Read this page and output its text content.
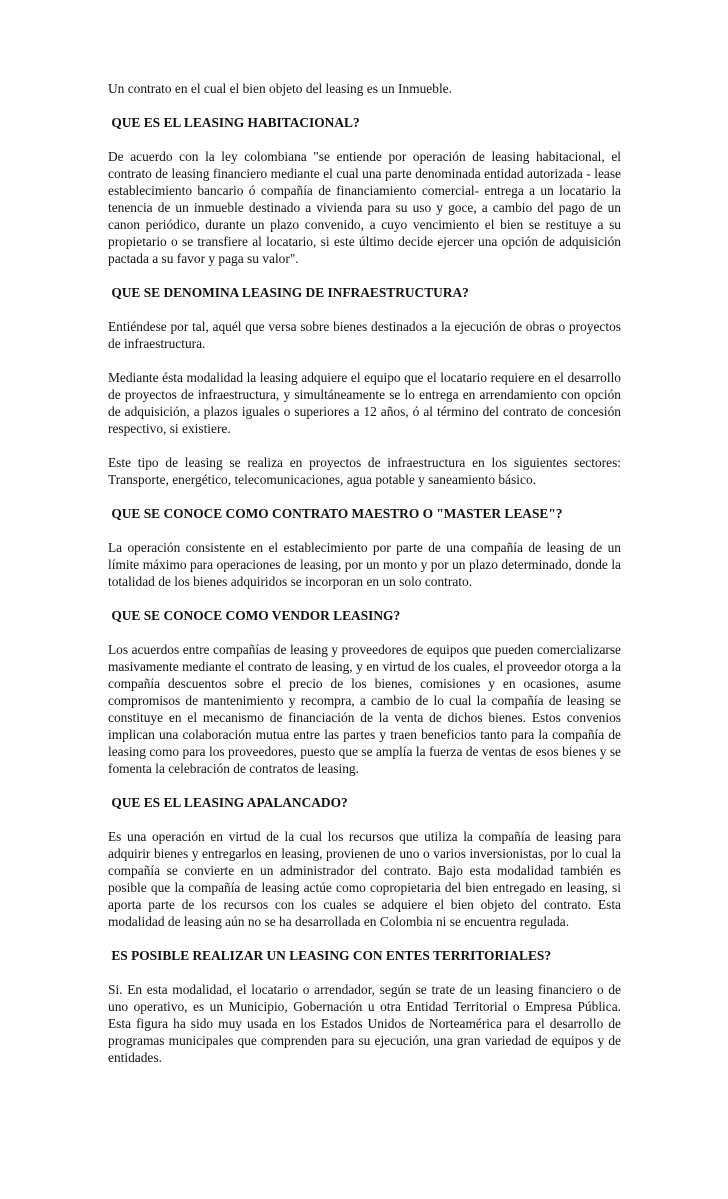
Un contrato en el cual el bien objeto del leasing es un Inmueble.

QUE ES EL LEASING HABITACIONAL?

De acuerdo con la ley colombiana "se entiende por operación de leasing habitacional, el contrato de leasing financiero mediante el cual una parte denominada entidad autorizada - lease establecimiento bancario ó compañía de financiamiento comercial- entrega a un locatario la tenencia de un inmueble destinado a vivienda para su uso y goce, a cambio del pago de un canon periódico, durante un plazo convenido, a cuyo vencimiento el bien se restituye a su propietario o se transfiere al locatario, si este último decide ejercer una opción de adquisición pactada a su favor y paga su valor".

QUE SE DENOMINA LEASING DE INFRAESTRUCTURA?

Entiéndese por tal, aquél que versa sobre bienes destinados a la ejecución de obras o proyectos de infraestructura.

Mediante ésta modalidad la leasing adquiere el equipo que el locatario requiere en el desarrollo de proyectos de infraestructura, y simultáneamente se lo entrega en arrendamiento con opción de adquisición, a plazos iguales o superiores a 12 años, ó al término del contrato de concesión respectivo, si existiere.

Este tipo de leasing se realiza en proyectos de infraestructura en los siguientes sectores: Transporte, energético, telecomunicaciones, agua potable y saneamiento básico.

QUE SE CONOCE COMO CONTRATO MAESTRO O "MASTER LEASE"?

La operación consistente en el establecimiento por parte de una compañía de leasing de un límite máximo para operaciones de leasing, por un monto y por un plazo determinado, donde la totalidad de los bienes adquiridos se incorporan en un solo contrato.

QUE SE CONOCE COMO VENDOR LEASING?

Los acuerdos entre compañías de leasing y proveedores de equipos que pueden comercializarse masivamente mediante el contrato de leasing, y en virtud de los cuales, el proveedor otorga a la compañía descuentos sobre el precio de los bienes, comisiones y en ocasiones, asume compromisos de mantenimiento y recompra, a cambio de lo cual la compañía de leasing se constituye en el mecanismo de financiación de la venta de dichos bienes. Estos convenios implican una colaboración mutua entre las partes y traen beneficios tanto para la compañía de leasing como para los proveedores, puesto que se amplía la fuerza de ventas de esos bienes y se fomenta la celebración de contratos de leasing.

QUE ES EL LEASING APALANCADO?

Es una operación en virtud de la cual los recursos que utiliza la compañía de leasing para adquirir bienes y entregarlos en leasing, provienen de uno o varios inversionistas, por lo cual la compañía se convierte en un administrador del contrato. Bajo esta modalidad también es posible que la compañía de leasing actúe como copropietaria del bien entregado en leasing, si aporta parte de los recursos con los cuales se adquiere el bien objeto del contrato. Esta modalidad de leasing aún no se ha desarrollada en Colombia ni se encuentra regulada.

ES POSIBLE REALIZAR UN LEASING CON ENTES TERRITORIALES?

Si. En esta modalidad, el locatario o arrendador, según se trate de un leasing financiero o de uno operativo, es un Municipio, Gobernación u otra Entidad Territorial o Empresa Pública. Esta figura ha sido muy usada en los Estados Unidos de Norteamérica para el desarrollo de programas municipales que comprenden para su ejecución, una gran variedad de equipos y de entidades.
